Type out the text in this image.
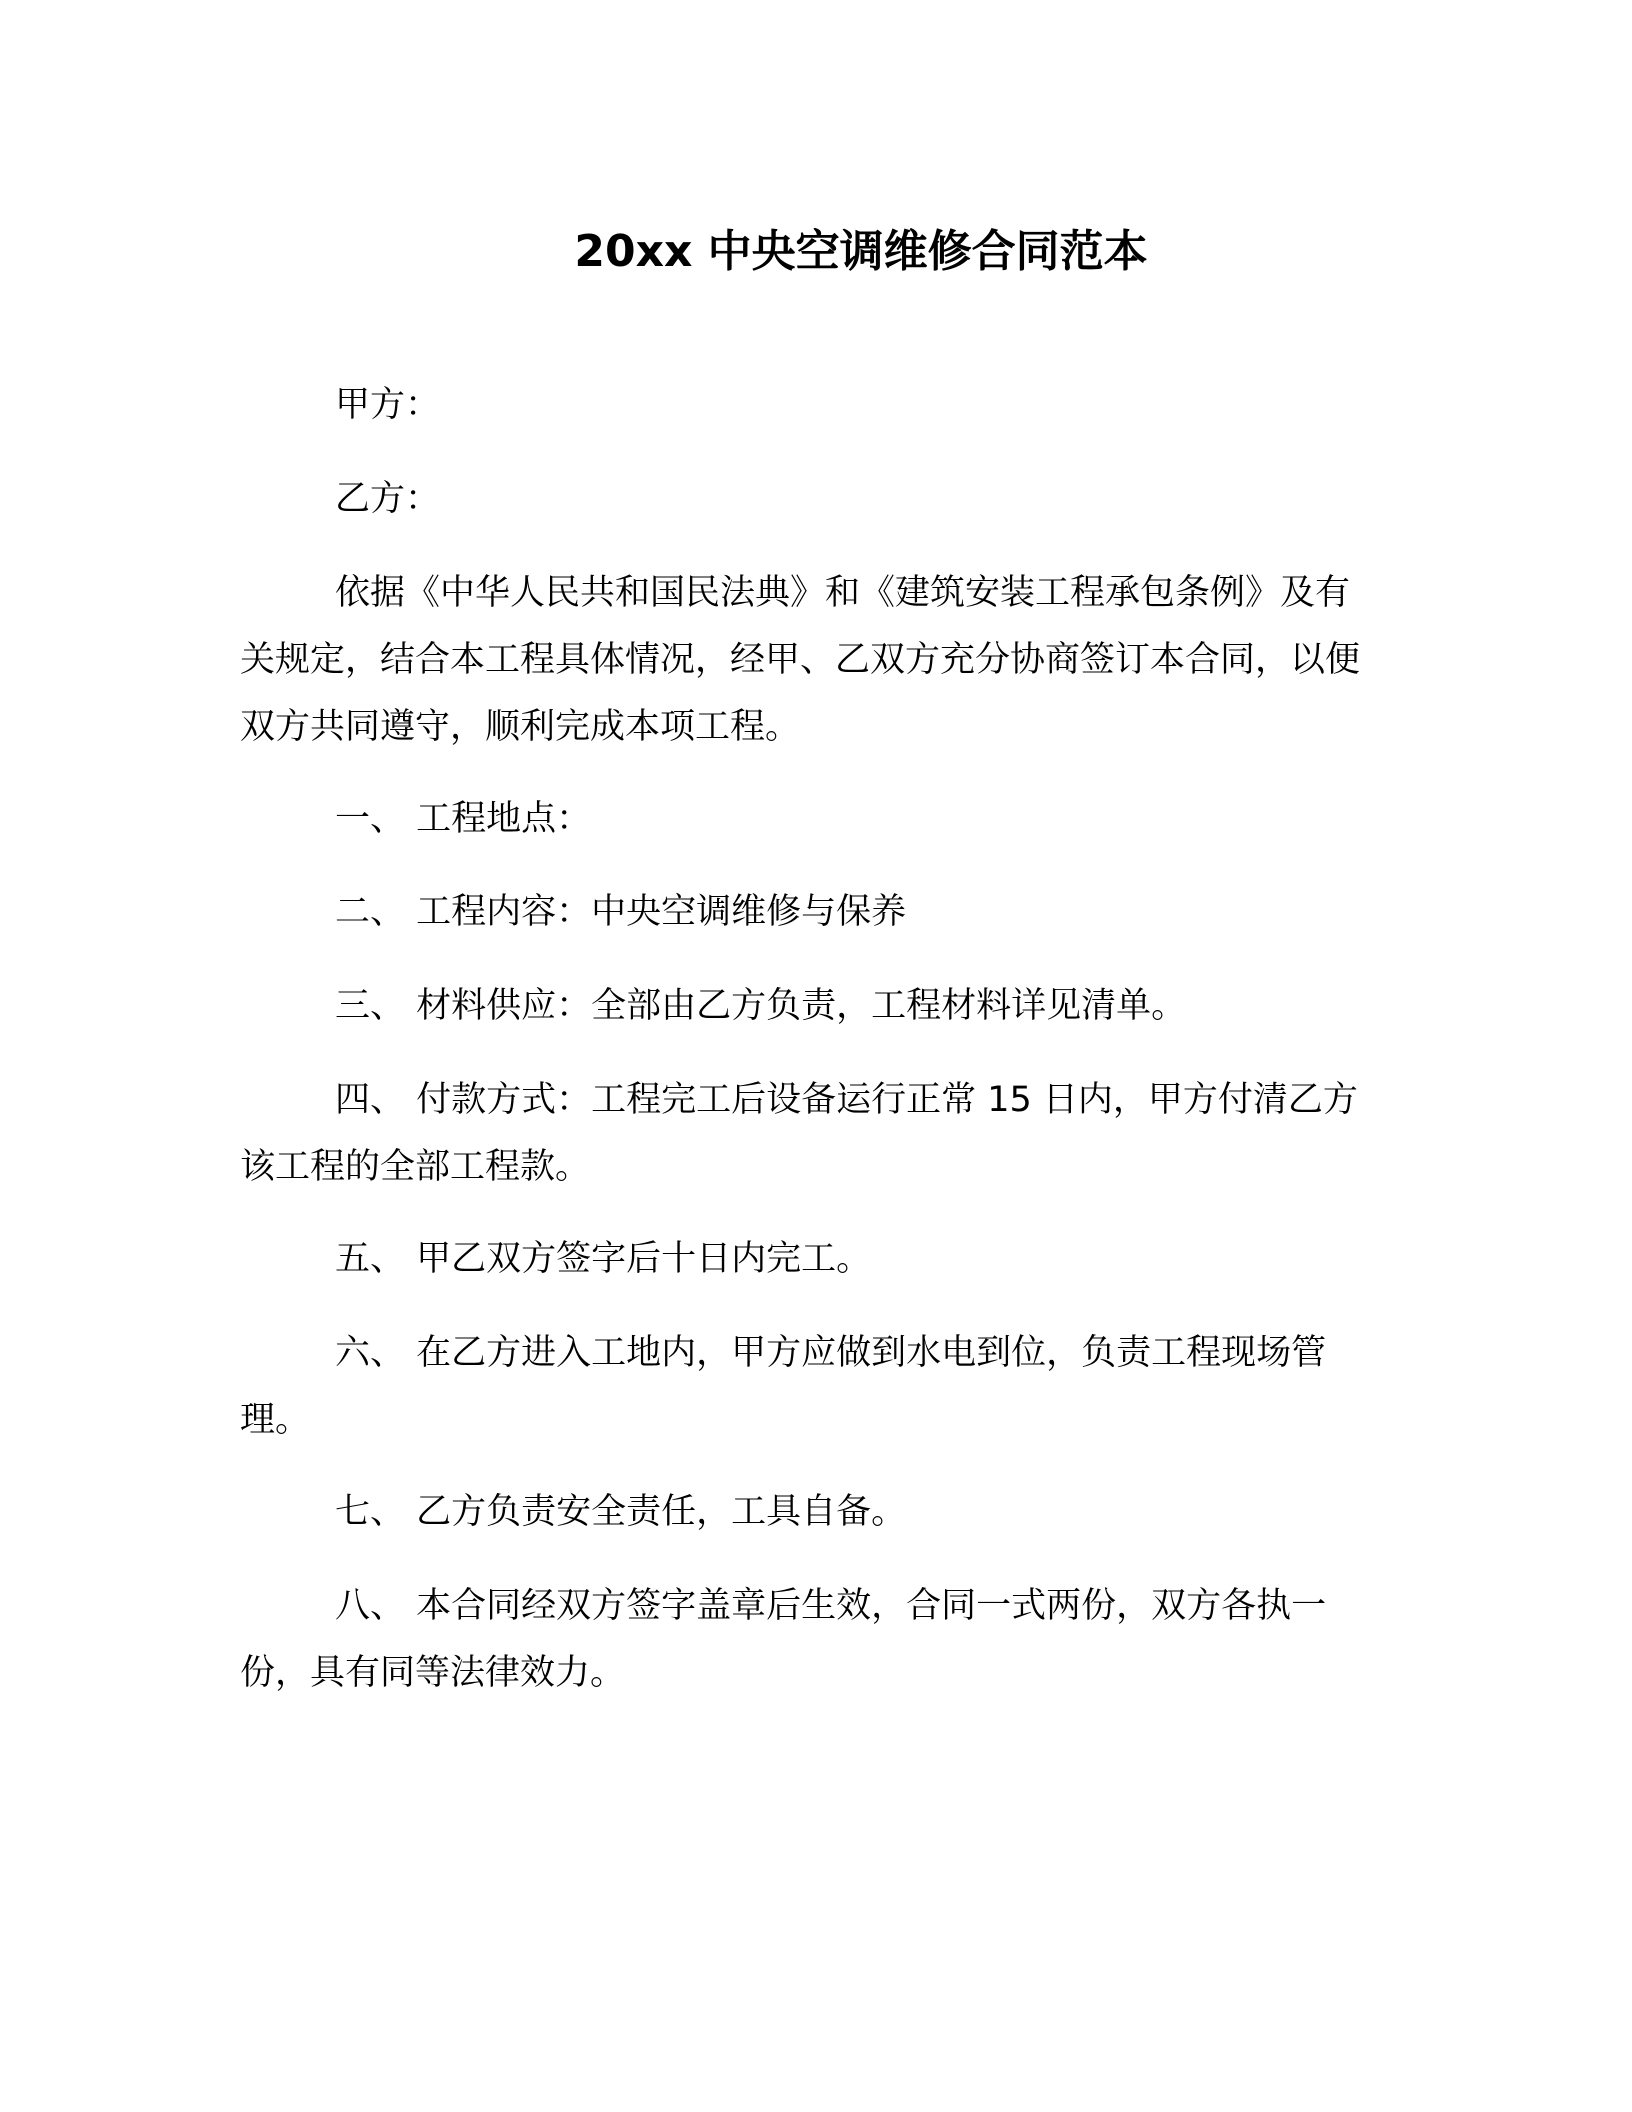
20xx 中央空调维修合同范本

甲方：

乙方：

依据《中华人民共和国民法典》和《建筑安装工程承包条例》及有关规定，结合本工程具体情况，经甲、乙双方充分协商签订本合同，以便双方共同遵守，顺利完成本项工程。

一、 工程地点：

二、 工程内容：中央空调维修与保养

三、 材料供应：全部由乙方负责，工程材料详见清单。

四、 付款方式：工程完工后设备运行正常 15 日内，甲方付清乙方该工程的全部工程款。

五、 甲乙双方签字后十日内完工。

六、 在乙方进入工地内，甲方应做到水电到位，负责工程现场管理。

七、 乙方负责安全责任，工具自备。

八、 本合同经双方签字盖章后生效，合同一式两份，双方各执一份，具有同等法律效力。
